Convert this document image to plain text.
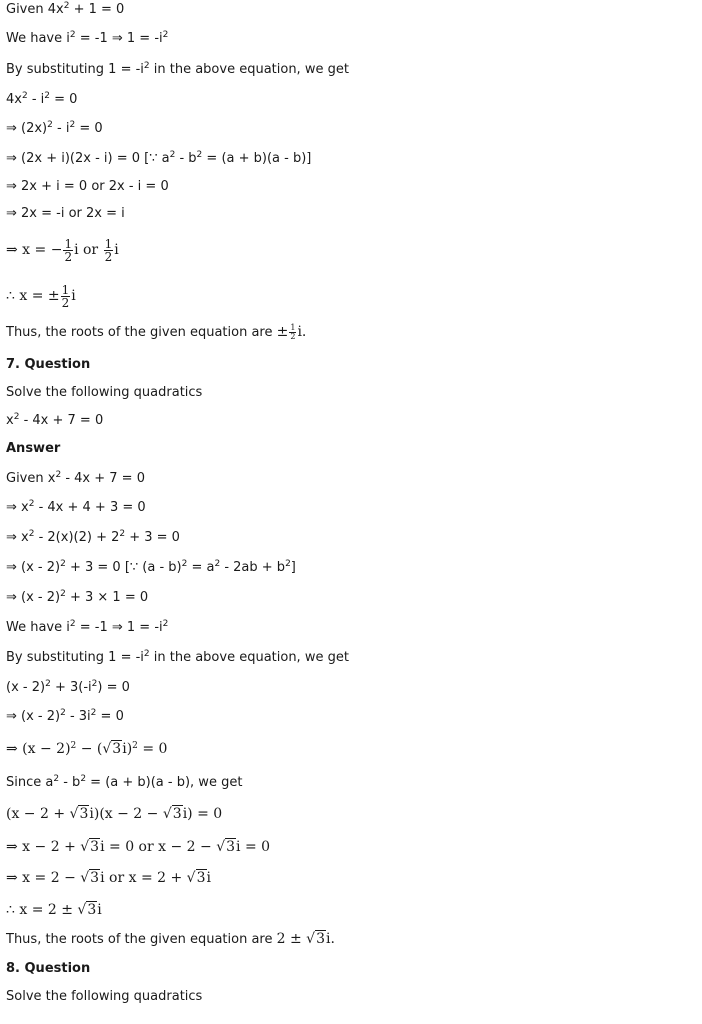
Given $4x^2 + 1 = 0$
We have $i^2 = -1$ ⇒ $1 = -i^2$
By substituting $1 = -i^2$ in the above equation, we get
$4x^2 - i^2 = 0$
⇒ $(2x)^2 - i^2 = 0$
⇒ (2x + i)(2x - i) = 0 [∵ $a^2 - b^2 = (a + b)(a - b)$]
⇒ 2x + i = 0 or 2x - i = 0
⇒ 2x = -i or 2x = i
⇒ x = − $\frac{1}{2}$ i or $\frac{1}{2}$ i
∴ x = ± $\frac{1}{2}$ i
Thus, the roots of the given equation are ± $\frac{1}{2} i$.
7. Question
Solve the following quadratics
$x^2 - 4x + 7 = 0$
Answer
Given $x^2 - 4x + 7 = 0$
⇒ $x^2 - 4x + 4 + 3 = 0$
⇒ $x^2 - 2(x)(2) + 2^2 + 3 = 0$
⇒ (x - 2)$^2$ + 3 = 0 [∵ $(a - b)^2 = a^2 - 2ab + b^2$]
⇒ (x - 2)$^2$ + 3 × 1 = 0
We have $i^2 = -1$ ⇒ $1 = -i^2$
By substituting $1 = -i^2$ in the above equation, we get
$(x - 2)^2 + 3(-i^2) = 0$
⇒ $(x - 2)^2 - 3i^2 = 0$
⇒ $(x - 2)^2 - (√3i)^2 = 0$
Since $a^2 - b^2 = (a + b)(a - b)$, we get
(x − 2 + √3i)(x − 2 − √3i) = 0
⇒ x − 2 + √3i = 0 or x − 2 − √3i = 0
⇒ x = 2 − √3i or x = 2 + √3i
∴ x = 2 ± √3i
Thus, the roots of the given equation are 2 ± √3i.
8. Question
Solve the following quadratics
